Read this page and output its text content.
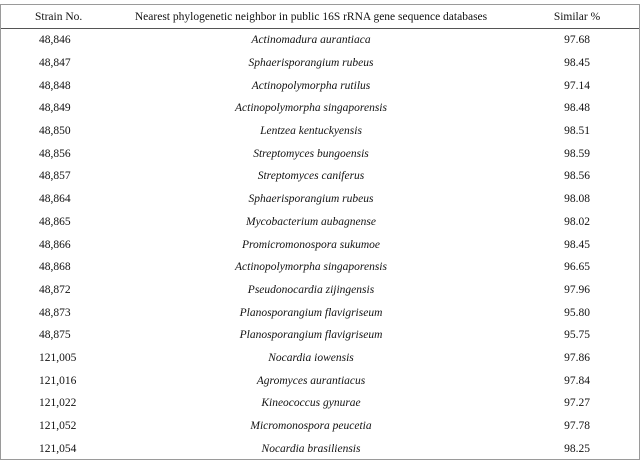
Strain No.	Nearest phylogenetic neighbor in public 16S rRNA gene sequence databases	Similar %
48,846	Actinomadura aurantiaca	97.68
48,847	Sphaerisporangium rubeus	98.45
48,848	Actinopolymorpha rutilus	97.14
48,849	Actinopolymorpha singaporensis	98.48
48,850	Lentzea kentuckyensis	98.51
48,856	Streptomyces bungoensis	98.59
48,857	Streptomyces caniferus	98.56
48,864	Sphaerisporangium rubeus	98.08
48,865	Mycobacterium aubagnense	98.02
48,866	Promicromonospora sukumoe	98.45
48,868	Actinopolymorpha singaporensis	96.65
48,872	Pseudonocardia zijingensis	97.96
48,873	Planosporangium flavigriseum	95.80
48,875	Planosporangium flavigriseum	95.75
121,005	Nocardia iowensis	97.86
121,016	Agromyces aurantiacus	97.84
121,022	Kineococcus gynurae	97.27
121,052	Micromonospora peucetia	97.78
121,054	Nocardia brasiliensis	98.25
